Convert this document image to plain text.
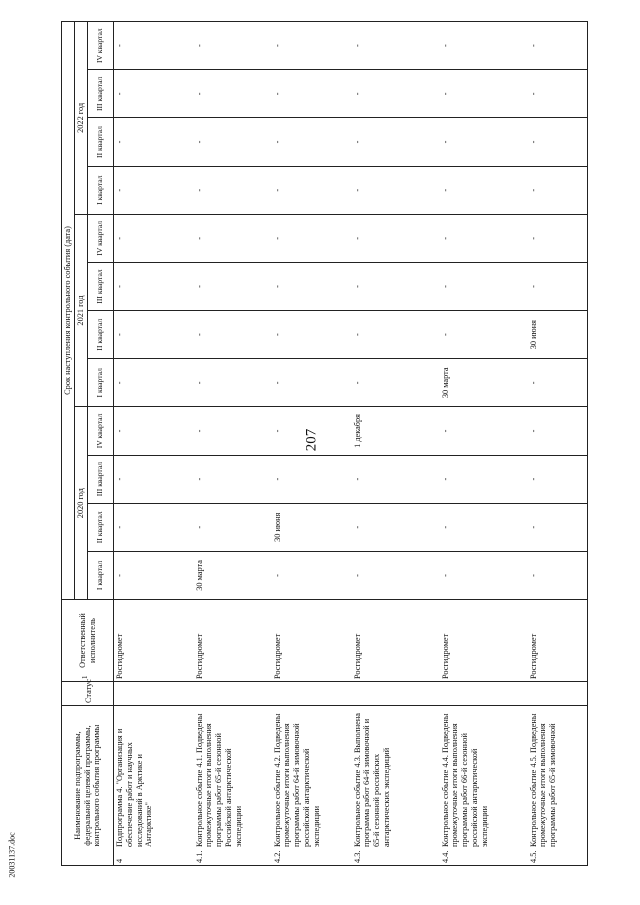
207
Наименование подпрограммы, федеральной целевой программы, контрольного события программы	Статус$^1$	Ответственный исполнитель	Срок наступления контрольного события (дата)											
			2020 год				2021 год				2022 год			
			I квартал	II квартал	III квартал	IV квартал	I квартал	II квартал	III квартал	IV квартал	I квартал	II квартал	III квартал	IV квартал

4
Подпрограмма 4. "Организация и обеспечение работ и научных исследований в Арктике и Антарктике"		Росгидромет	-	-	-	-	-	-	-	-	-	-	-	-

4.1.
Контрольное событие 4.1. Подведены промежуточные итоги выполнения программы работ 65-й сезонной Российской антарктической экспедиции		Росгидромет	30 марта	-	-	-	-	-	-	-	-	-	-	-

4.2.
Контрольное событие 4.2. Подведены промежуточные итоги выполнения программы работ 64-й зимовочной российской антарктической экспедиции		Росгидромет	-	30 июня	-	-	-	-	-	-	-	-	-	-

4.3.
Контрольное событие 4.3. Выполнена программа работ 64-й зимовочной и 65-й сезонной российских антарктических экспедиций		Росгидромет	-	-	-	1 декабря	-	-	-	-	-	-	-	-

4.4.
Контрольное событие 4.4. Подведены промежуточные итоги выполнения программы работ 66-й сезонной российской антарктической экспедиции		Росгидромет	-	-	-	-	30 марта	-	-	-	-	-	-	-

4.5.
Контрольное событие 4.5. Подведены промежуточные итоги выполнения программы работ 65-й зимовочной		Росгидромет	-	-	-	-	-	30 июня	-	-	-	-	-	-
20031137.doc
